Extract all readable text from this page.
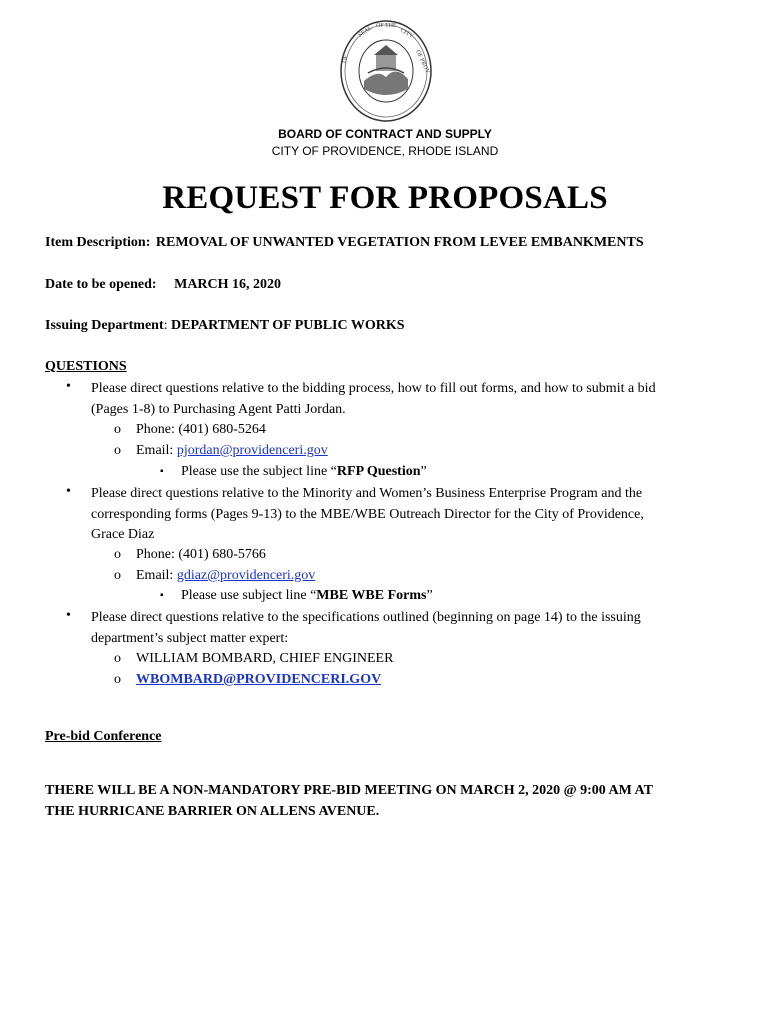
SEAL OF THE
CITY
OF PROV
OF
BOARD OF CONTRACT AND SUPPLY
CITY OF PROVIDENCE, RHODE ISLAND
REQUEST FOR PROPOSALS
Item Description: REMOVAL OF UNWANTED VEGETATION FROM LEVEE EMBANKMENTS
Date to be opened: MARCH 16, 2020
Issuing Department: DEPARTMENT OF PUBLIC WORKS
QUESTIONS
• Please direct questions relative to the bidding process, how to fill out forms, and how to submit a bid
(Pages 1-8) to Purchasing Agent Patti Jordan.
o Phone: (401) 680-5264
o Email: pjordan@providenceri.gov
▪ Please use the subject line “RFP Question”
• Please direct questions relative to the Minority and Women’s Business Enterprise Program and the
corresponding forms (Pages 9-13) to the MBE/WBE Outreach Director for the City of Providence,
Grace Diaz
o Phone: (401) 680-5766
o Email: gdiaz@providenceri.gov
▪ Please use subject line “MBE WBE Forms”
• Please direct questions relative to the specifications outlined (beginning on page 14) to the issuing
department’s subject matter expert:
o WILLIAM BOMBARD, CHIEF ENGINEER
o WBOMBARD@PROVIDENCERI.GOV
Pre-bid Conference
THERE WILL BE A NON-MANDATORY PRE-BID MEETING ON MARCH 2, 2020 @ 9:00 AM AT
THE HURRICANE BARRIER ON ALLENS AVENUE.
